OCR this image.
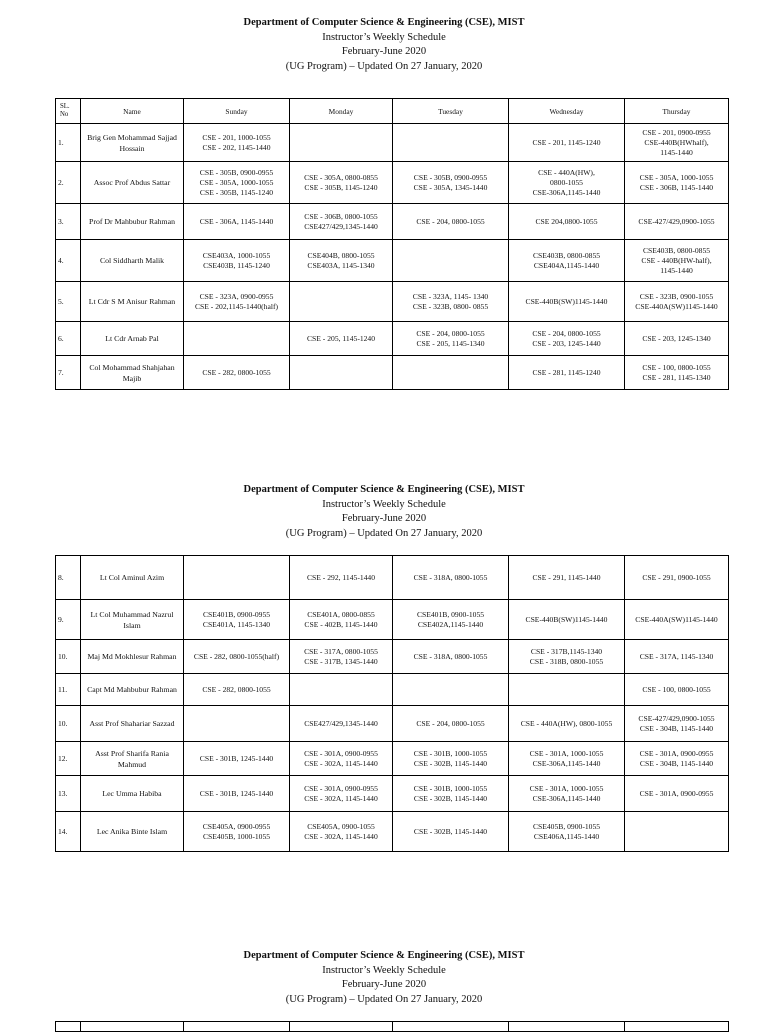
Department of Computer Science & Engineering (CSE), MIST
Instructor’s Weekly Schedule
February-June 2020
(UG Program) – Updated On 27 January, 2020
SL. No	Name	Sunday	Monday	Tuesday	Wednesday	Thursday
1.	Brig Gen Mohammad Sajjad Hossain	CSE - 201, 1000-1055
CSE - 202, 1145-1440			CSE - 201, 1145-1240	CSE - 201, 0900-0955
CSE-440B(HWhalf),
1145-1440

2.	Assoc Prof Abdus Sattar	CSE - 305B, 0900-0955
CSE - 305A, 1000-1055
CSE - 305B, 1145-1240	CSE - 305A, 0800-0855
CSE - 305B, 1145-1240	CSE - 305B, 0900-0955
CSE - 305A, 1345-1440	CSE - 440A(HW),
0800-1055
CSE-306A,1145-1440	CSE - 305A, 1000-1055
CSE - 306B, 1145-1440

3.	Prof Dr Mahbubur Rahman	CSE - 306A, 1145-1440	CSE - 306B, 0800-1055
CSE427/429,1345-1440	CSE - 204, 0800-1055	CSE 204,0800-1055	CSE-427/429,0900-1055

4.	Col Siddharth Malik	CSE403A, 1000-1055
CSE403B, 1145-1240	CSE404B, 0800-1055
CSE403A, 1145-1340		CSE403B, 0800-0855
CSE404A,1145-1440	CSE403B, 0800-0855
CSE - 440B(HW-half),
1145-1440

5.	Lt Cdr S M Anisur Rahman	CSE - 323A, 0900-0955
CSE - 202,1145-1440(half)		CSE - 323A, 1145- 1340
CSE - 323B, 0800- 0855	CSE-440B(SW)1145-1440	CSE - 323B, 0900-1055
CSE-440A(SW)1145-1440

6.	Lt Cdr Arnab Pal		CSE - 205, 1145-1240	CSE - 204, 0800-1055
CSE - 205, 1145-1340	CSE - 204, 0800-1055
CSE - 203, 1245-1440	CSE - 203, 1245-1340

7.	Col Mohammad Shahjahan Majib	CSE - 282, 0800-1055			CSE - 281, 1145-1240	CSE - 100, 0800-1055
CSE - 281, 1145-1340
Department of Computer Science & Engineering (CSE), MIST
Instructor’s Weekly Schedule
February-June 2020
(UG Program) – Updated On 27 January, 2020
8.	Lt Col Aminul Azim		CSE - 292, 1145-1440	CSE - 318A, 0800-1055	CSE - 291, 1145-1440	CSE - 291, 0900-1055

9.	Lt Col Muhammad Nazrul Islam	CSE401B, 0900-0955
CSE401A, 1145-1340	CSE401A, 0800-0855
CSE - 402B, 1145-1440	CSE401B, 0900-1055
CSE402A,1145-1440	CSE-440B(SW)1145-1440	CSE-440A(SW)1145-1440

10.	Maj Md Mokhlesur Rahman	CSE - 282, 0800-1055(half)	CSE - 317A, 0800-1055
CSE - 317B, 1345-1440	CSE - 318A, 0800-1055	CSE - 317B,1145-1340
CSE - 318B, 0800-1055	CSE - 317A, 1145-1340

11.	Capt Md Mahbubur Rahman	CSE - 282, 0800-1055				CSE - 100, 0800-1055

10.	Asst Prof Shahariar Sazzad		CSE427/429,1345-1440	CSE - 204, 0800-1055	CSE - 440A(HW), 0800-1055	CSE-427/429,0900-1055
CSE - 304B, 1145-1440

12.	Asst Prof Sharifa Rania Mahmud	CSE - 301B, 1245-1440	CSE - 301A, 0900-0955
CSE - 302A, 1145-1440	CSE - 301B, 1000-1055
CSE - 302B, 1145-1440	CSE - 301A, 1000-1055
CSE-306A,1145-1440	CSE - 301A, 0900-0955
CSE - 304B, 1145-1440

13.	Lec Umma Habiba	CSE - 301B, 1245-1440	CSE - 301A, 0900-0955
CSE - 302A, 1145-1440	CSE - 301B, 1000-1055
CSE - 302B, 1145-1440	CSE - 301A, 1000-1055
CSE-306A,1145-1440	CSE - 301A, 0900-0955

14.	Lec Anika Binte Islam	CSE405A, 0900-0955
CSE405B, 1000-1055	CSE405A, 0900-1055
CSE - 302A, 1145-1440	CSE - 302B, 1145-1440	CSE405B, 0900-1055
CSE406A,1145-1440	

Department of Computer Science & Engineering (CSE), MIST
Instructor’s Weekly Schedule
February-June 2020
(UG Program) – Updated On 27 January, 2020
